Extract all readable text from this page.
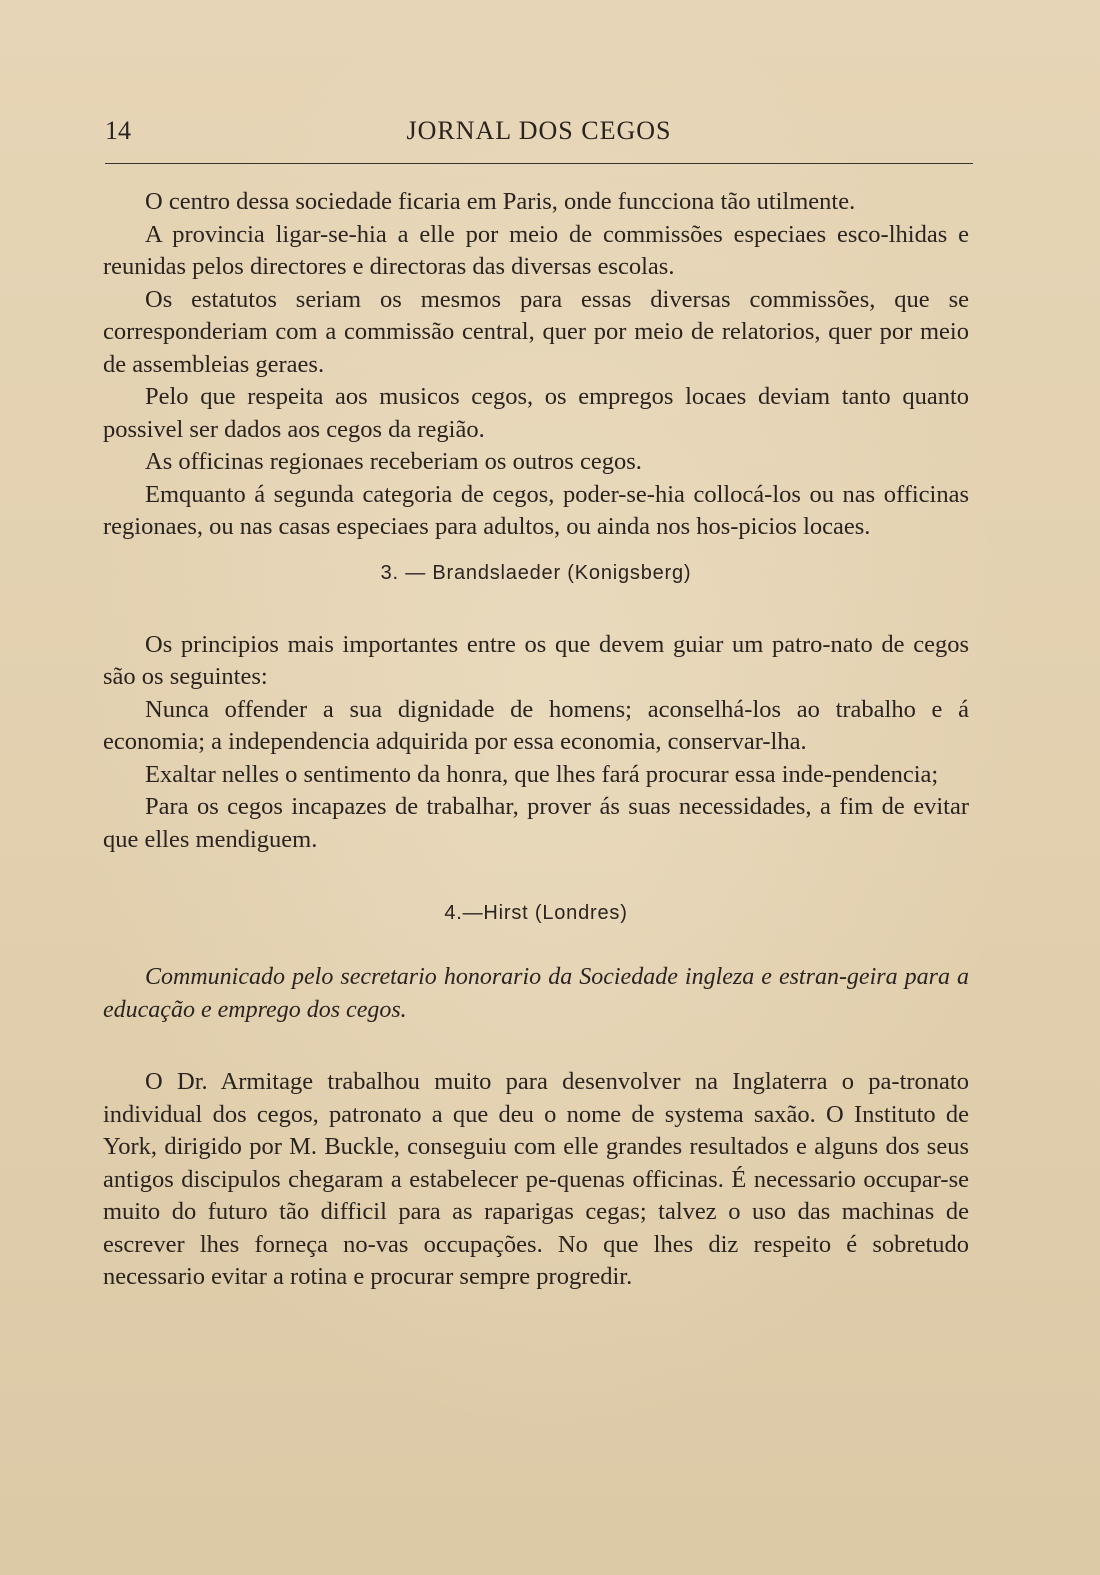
14	JORNAL DOS CEGOS

O centro dessa sociedade ficaria em Paris, onde funcciona tão utilmente.

A provincia ligar-se-hia a elle por meio de commissões especiaes esco-lhidas e reunidas pelos directores e directoras das diversas escolas.

Os estatutos seriam os mesmos para essas diversas commissões, que se corresponderiam com a commissão central, quer por meio de relatorios, quer por meio de assembleias geraes.

Pelo que respeita aos musicos cegos, os empregos locaes deviam tanto quanto possivel ser dados aos cegos da região.

As officinas regionaes receberiam os outros cegos.

Emquanto á segunda categoria de cegos, poder-se-hia collocá-los ou nas officinas regionaes, ou nas casas especiaes para adultos, ou ainda nos hos-picios locaes.

3. — Brandslaeder (Konigsberg)

Os principios mais importantes entre os que devem guiar um patro-nato de cegos são os seguintes:

Nunca offender a sua dignidade de homens; aconselhá-los ao trabalho e á economia; a independencia adquirida por essa economia, conservar-lha.

Exaltar nelles o sentimento da honra, que lhes fará procurar essa inde-pendencia;

Para os cegos incapazes de trabalhar, prover ás suas necessidades, a fim de evitar que elles mendiguem.

4.—Hirst (Londres)

Communicado pelo secretario honorario da Sociedade ingleza e estran-geira para a educação e emprego dos cegos.

O Dr. Armitage trabalhou muito para desenvolver na Inglaterra o pa-tronato individual dos cegos, patronato a que deu o nome de systema saxão. O Instituto de York, dirigido por M. Buckle, conseguiu com elle grandes resultados e alguns dos seus antigos discipulos chegaram a estabelecer pe-quenas officinas. É necessario occupar-se muito do futuro tão difficil para as raparigas cegas; talvez o uso das machinas de escrever lhes forneça no-vas occupações. No que lhes diz respeito é sobretudo necessario evitar a rotina e procurar sempre progredir.
